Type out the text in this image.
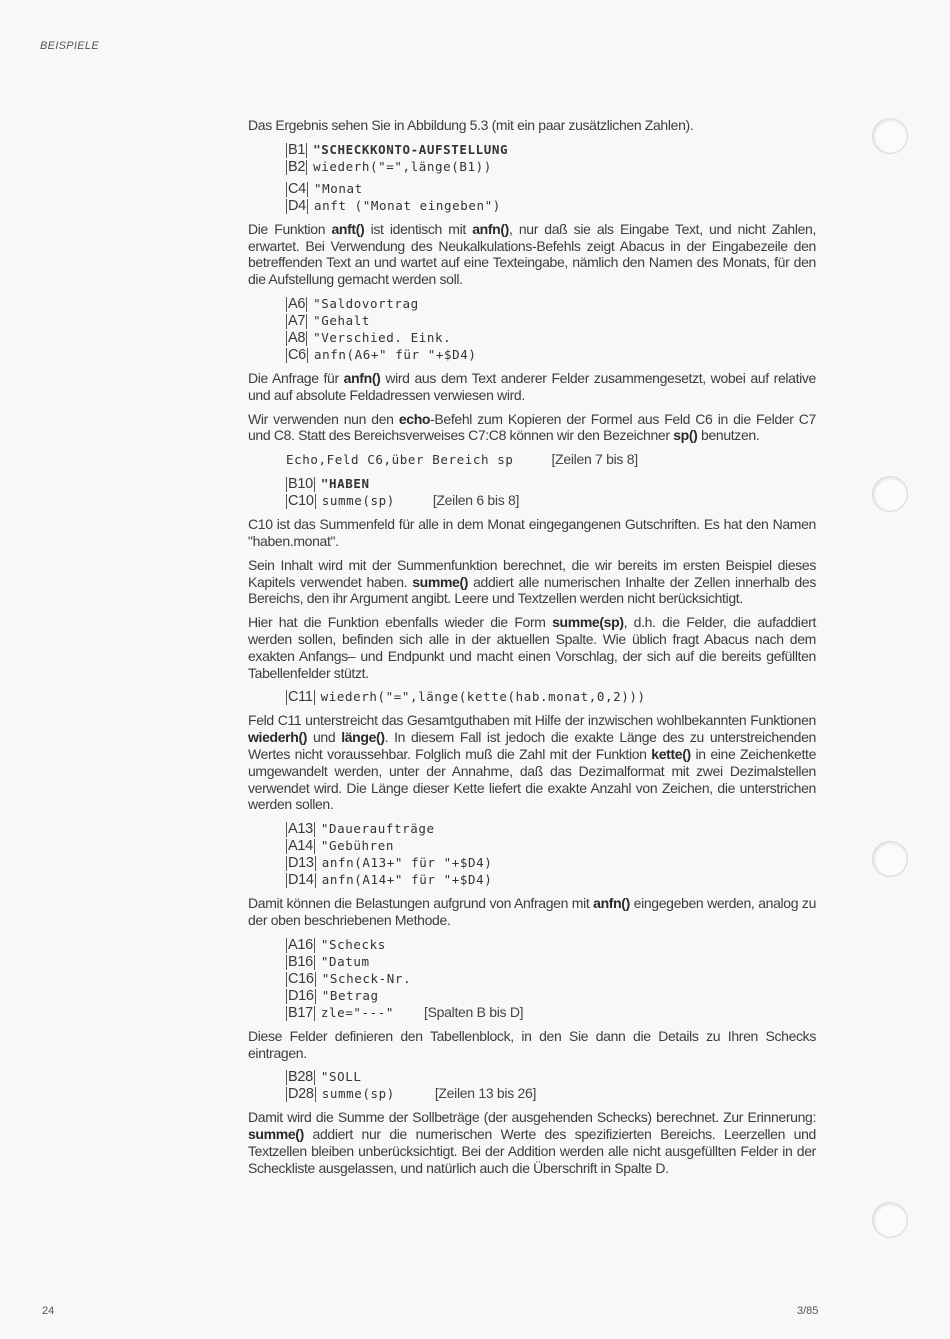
BEISPIELE

Das Ergebnis sehen Sie in Abbildung 5.3 (mit ein paar zusätzlichen Zahlen).

B1 "SCHECKKONTO-AUFSTELLUNG
B2 wiederh("=",länge(B1))
C4 "Monat
D4 anft ("Monat eingeben")

Die Funktion anft() ist identisch mit anfn(), nur daß sie als Eingabe Text, und nicht Zahlen, erwartet. Bei Verwendung des Neukalkulations-Befehls zeigt Abacus in der Eingabezeile den betreffenden Text an und wartet auf eine Texteingabe, nämlich den Namen des Monats, für den die Aufstellung gemacht werden soll.

A6 "Saldovortrag
A7 "Gehalt
A8 "Verschied. Eink.
C6 anfn(A6+" für "+$D4)

Die Anfrage für anfn() wird aus dem Text anderer Felder zusammengesetzt, wobei auf relative und auf absolute Feldadressen verwiesen wird.

Wir verwenden nun den echo-Befehl zum Kopieren der Formel aus Feld C6 in die Felder C7 und C8. Statt des Bereichsverweises C7:C8 können wir den Bezeichner sp() benutzen.

Echo,Feld C6,über Bereich sp	[Zeilen 7 bis 8]
B10 "HABEN
C10 summe(sp)	[Zeilen 6 bis 8]

C10 ist das Summenfeld für alle in dem Monat eingegangenen Gutschriften. Es hat den Namen "haben.monat".

Sein Inhalt wird mit der Summenfunktion berechnet, die wir bereits im ersten Beispiel dieses Kapitels verwendet haben. summe() addiert alle numerischen Inhalte der Zellen innerhalb des Bereichs, den ihr Argument angibt. Leere und Textzellen werden nicht berücksichtigt.

Hier hat die Funktion ebenfalls wieder die Form summe(sp), d.h. die Felder, die aufaddiert werden sollen, befinden sich alle in der aktuellen Spalte. Wie üblich fragt Abacus nach dem exakten Anfangs– und Endpunkt und macht einen Vorschlag, der sich auf die bereits gefüllten Tabellenfelder stützt.

C11 wiederh("=",länge(kette(hab.monat,0,2)))

Feld C11 unterstreicht das Gesamtguthaben mit Hilfe der inzwischen wohlbekannten Funktionen wiederh() und länge(). In diesem Fall ist jedoch die exakte Länge des zu unterstreichenden Wertes nicht voraussehbar. Folglich muß die Zahl mit der Funktion kette() in eine Zeichenkette umgewandelt werden, unter der Annahme, daß das Dezimalformat mit zwei Dezimalstellen verwendet wird. Die Länge dieser Kette liefert die exakte Anzahl von Zeichen, die unterstrichen werden sollen.

A13 "Daueraufträge
A14 "Gebühren
D13 anfn(A13+" für "+$D4)
D14 anfn(A14+" für "+$D4)

Damit können die Belastungen aufgrund von Anfragen mit anfn() eingegeben werden, analog zu der oben beschriebenen Methode.

A16 "Schecks
B16 "Datum
C16 "Scheck-Nr.
D16 "Betrag
B17 zle="---" [Spalten B bis D]

Diese Felder definieren den Tabellenblock, in den Sie dann die Details zu Ihren Schecks eintragen.

B28 "SOLL
D28 summe(sp)	[Zeilen 13 bis 26]

Damit wird die Summe der Sollbeträge (der ausgehenden Schecks) berechnet. Zur Erinnerung: summe() addiert nur die numerischen Werte des spezifizierten Bereichs. Leerzellen und Textzellen bleiben unberücksichtigt. Bei der Addition werden alle nicht ausgefüllten Felder in der Scheckliste ausgelassen, und natürlich auch die Überschrift in Spalte D.

24	3/85
